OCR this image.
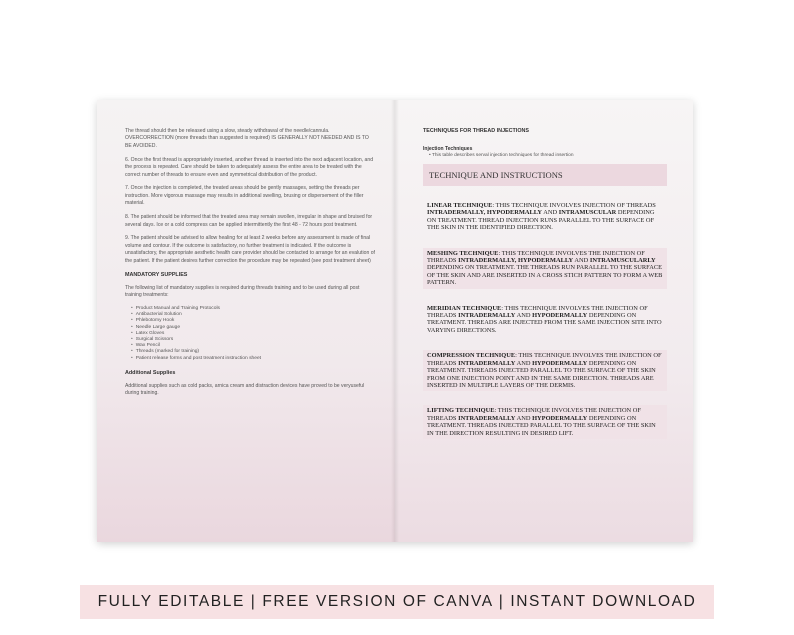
The thread should then be released using a slow, steady withdrawal of the needle/cannula. OVERCORRECTION (more threads than suggested is required) IS GENERALLY NOT NEEDED AND IS TO BE AVOIDED.

6. Once the first thread is appropriately inserted, another thread is inserted into the next adjacent location, and the process is repeated. Care should be taken to adequately assess the entire area to be treated with the correct number of threads to ensure even and symmetrical distribution of the product.

7. Once the injection is completed, the treated areas should be gently massages, setting the threads per instruction. More vigorous massage may results in additional swelling, brusing or dispersement of the filler material.

8. The patient should be informed that the treated area may remain swollen, irregular in shape and bruised for several days. Ice or a cold compress can be applied intermittently the first 48 - 72 hours post treatment.

9. The patient should be advised to allow healing for at least 2 weeks before any assessment is made of final volume and contour. If the outcome is satisfactory, no further treatment is indicated. If the outcome is unsatisfactory, the appropriate aesthetic health care provider should be contacted to arrange for an evalution of the patient. If the patient desires further correction the procedure may be repeated (see post treatment sheet)

MANDATORY SUPPLIES

The following list of mandatory supplies is required during threads training and to be used during all post training treatments:

• Product Manual and Training Protocols
• Antibacterial Solution
• Phlebotomy Hook
• Needle Large gauge
• Latex Gloves
• Surgical Scissors
• Wax Pencil
• Threads (marked for training)
• Patient release forms and post treatment instruction sheet
Additional Supplies

Additional supplies such as cold packs, arnica cream and distraction devices have proved to be veryuseful during training.

TECHNIQUES FOR THREAD INJECTIONS
Injection Techniques
• This table describes serval injection techniques for thread insertion
TECHNIQUE AND INSTRUCTIONS
LINEAR TECHNIQUE: THIS TECHNIQUE INVOLVES INJECTION OF THREADS INTRADERMALLY, HYPODERMALLY AND INTRAMUSCULAR DEPENDING ON TREATMENT. THREAD INJECTION RUNS PARALLEL TO THE SURFACE OF THE SKIN IN THE IDENTIFIED DIRECTION.
MESHING TECHNIQUE: THIS TECHNIQUE INVOLVES THE INJECTION OF THREADS INTRADERMALLY, HYPODERMALLY AND INTRAMUSCULARLY DEPENDING ON TREATMENT. THE THREADS RUN PARALLEL TO THE SURFACE OF THE SKIN AND ARE INSERTED IN A CROSS STICH PATTERN TO FORM A WEB PATTERN.
MERIDIAN TECHNIQUE: THIS TECHNIQUE INVOLVES THE INJECTION OF THREADS INTRADERMALLY AND HYPODERMALLY DEPENDING ON TREATMENT. THREADS ARE INJECTED FROM THE SAME INJECTION SITE INTO VARYING DIRECTIONS.
COMPRESSION TECHNIQUE: THIS TECHNIQUE INVOLVES THE INJECTION OF THREADS INTRADERMALLY AND HYPODERMALLY DEPENDING ON TREATMENT. THREADS INJECTED PARALLEL TO THE SURFACE OF THE SKIN FROM ONE INJECTION POINT AND IN THE SAME DIRECTION. THREADS ARE INSERTED IN MULTIPLE LAYERS OF THE DERMIS.
LIFTING TECHNIQUE: THIS TECHNIQUE INVOLVES THE INJECTION OF THREADS INTRADERMALLY AND HYPODERMALLY DEPENDING ON TREATMENT. THREADS INJECTED PARALLEL TO THE SURFACE OF THE SKIN IN THE DIRECTION RESULTING IN DESIRED LIFT.
FULLY EDITABLE | FREE VERSION OF CANVA | INSTANT DOWNLOAD
